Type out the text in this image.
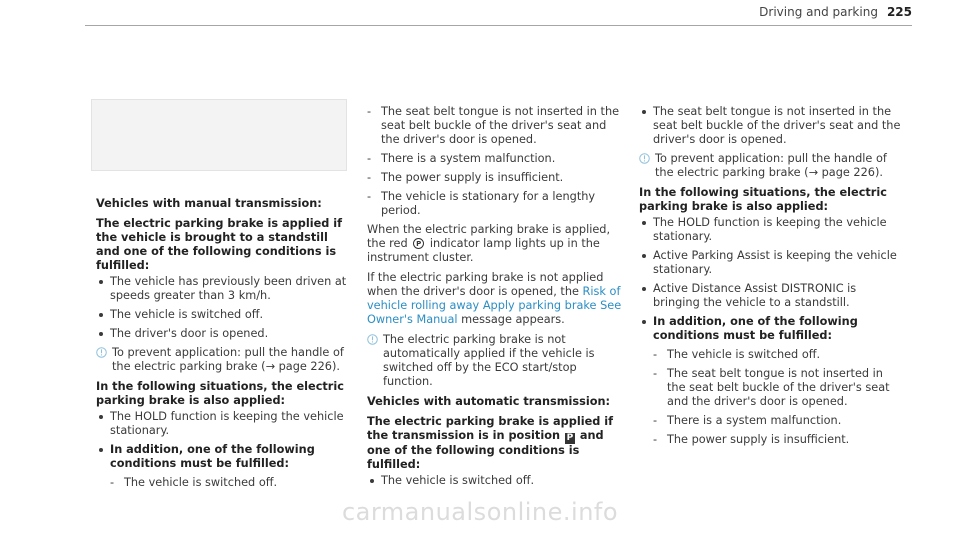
Driving and parking 225
Vehicles with manual transmission:
The electric parking brake is applied if the vehicle is brought to a standstill and one of the following conditions is fulfilled:
The vehicle has previously been driven at speeds greater than 3 km/h.
The vehicle is switched off.
The driver's door is opened.
To prevent application: pull the handle of the electric parking brake (→ page 226).
In the following situations, the electric parking brake is also applied:
The HOLD function is keeping the vehicle stationary.
In addition, one of the following conditions must be fulfilled:
- The vehicle is switched off.
- The seat belt tongue is not inserted in the seat belt buckle of the driver's seat and the driver's door is opened.
- There is a system malfunction.
- The power supply is insufficient.
- The vehicle is stationary for a lengthy period.

When the electric parking brake is applied, the red P indicator lamp lights up in the instrument cluster.

If the electric parking brake is not applied when the driver's door is opened, the Risk of vehicle rolling away Apply parking brake See Owner's Manual message appears.

The electric parking brake is not automatically applied if the vehicle is switched off by the ECO start/stop function.
Vehicles with automatic transmission:
The electric parking brake is applied if the transmission is in position P and one of the following conditions is fulfilled:
The vehicle is switched off.
The seat belt tongue is not inserted in the seat belt buckle of the driver's seat and the driver's door is opened.
To prevent application: pull the handle of the electric parking brake (→ page 226).
In the following situations, the electric parking brake is also applied:
The HOLD function is keeping the vehicle stationary.
Active Parking Assist is keeping the vehicle stationary.
Active Distance Assist DISTRONIC is bringing the vehicle to a standstill.
In addition, one of the following conditions must be fulfilled:
- The vehicle is switched off.
- The seat belt tongue is not inserted in the seat belt buckle of the driver's seat and the driver's door is opened.
- There is a system malfunction.
- The power supply is insufficient.
carmanualsonline.info
